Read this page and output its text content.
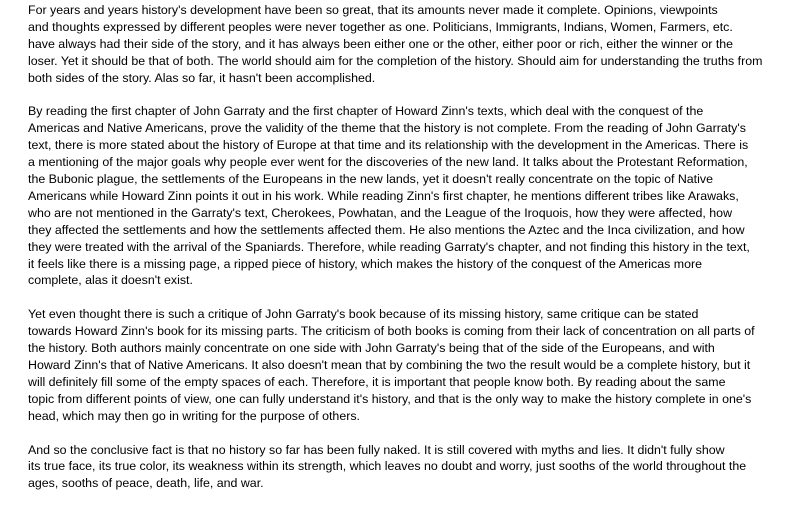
For years and years history's development have been so great, that its amounts never made it complete. Opinions, viewpoints
and thoughts expressed by different peoples were never together as one. Politicians, Immigrants, Indians, Women, Farmers, etc.
have always had their side of the story, and it has always been either one or the other, either poor or rich, either the winner or the
loser. Yet it should be that of both. The world should aim for the completion of the history. Should aim for understanding the truths from
both sides of the story. Alas so far, it hasn't been accomplished.

By reading the first chapter of John Garraty and the first chapter of Howard Zinn's texts, which deal with the conquest of the
Americas and Native Americans, prove the validity of the theme that the history is not complete. From the reading of John Garraty's
text, there is more stated about the history of Europe at that time and its relationship with the development in the Americas. There is
a mentioning of the major goals why people ever went for the discoveries of the new land. It talks about the Protestant Reformation,
the Bubonic plague, the settlements of the Europeans in the new lands, yet it doesn't really concentrate on the topic of Native
Americans while Howard Zinn points it out in his work. While reading Zinn's first chapter, he mentions different tribes like Arawaks,
who are not mentioned in the Garraty's text, Cherokees, Powhatan, and the League of the Iroquois, how they were affected, how
they affected the settlements and how the settlements affected them. He also mentions the Aztec and the Inca civilization, and how
they were treated with the arrival of the Spaniards. Therefore, while reading Garraty's chapter, and not finding this history in the text,
it feels like there is a missing page, a ripped piece of history, which makes the history of the conquest of the Americas more
complete, alas it doesn't exist.

Yet even thought there is such a critique of John Garraty's book because of its missing history, same critique can be stated
towards Howard Zinn's book for its missing parts. The criticism of both books is coming from their lack of concentration on all parts of
the history. Both authors mainly concentrate on one side with John Garraty's being that of the side of the Europeans, and with
Howard Zinn's that of Native Americans. It also doesn't mean that by combining the two the result would be a complete history, but it
will definitely fill some of the empty spaces of each. Therefore, it is important that people know both. By reading about the same
topic from different points of view, one can fully understand it's history, and that is the only way to make the history complete in one's
head, which may then go in writing for the purpose of others.

And so the conclusive fact is that no history so far has been fully naked. It is still covered with myths and lies. It didn't fully show
its true face, its true color, its weakness within its strength, which leaves no doubt and worry, just sooths of the world throughout the
ages, sooths of peace, death, life, and war.
